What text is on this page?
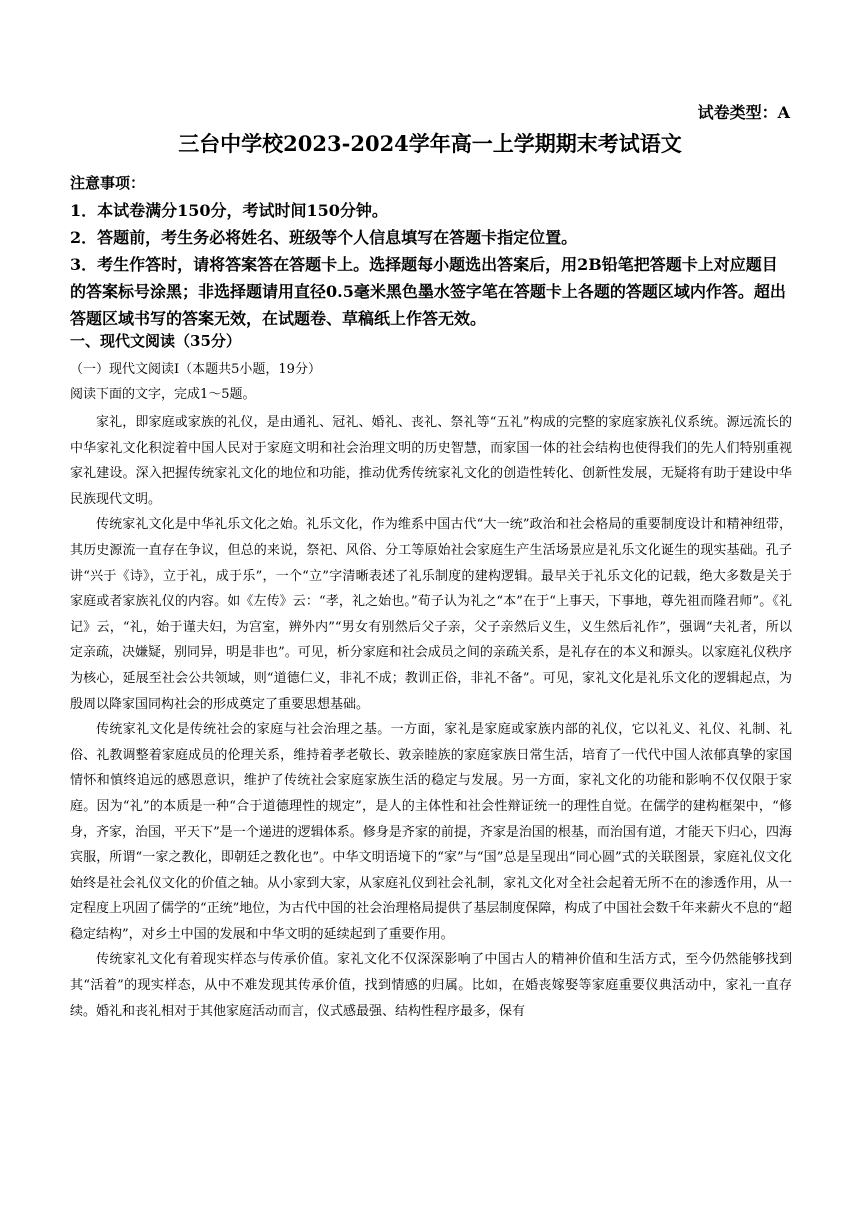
试卷类型：A
三台中学校2023-2024学年高一上学期期末考试语文
注意事项：

1．本试卷满分150分，考试时间150分钟。

2．答题前，考生务必将姓名、班级等个人信息填写在答题卡指定位置。

3．考生作答时，请将答案答在答题卡上。选择题每小题选出答案后，用2B铅笔把答题卡上对应题目的答案标号涂黑；非选择题请用直径0.5毫米黑色墨水签字笔在答题卡上各题的答题区域内作答。超出答题区域书写的答案无效，在试题卷、草稿纸上作答无效。

一、现代文阅读（35分）
（一）现代文阅读Ⅰ（本题共5小题，19分）
阅读下面的文字，完成1～5题。

家礼，即家庭或家族的礼仪，是由通礼、冠礼、婚礼、丧礼、祭礼等“五礼”构成的完整的家庭家族礼仪系统。源远流长的中华家礼文化积淀着中国人民对于家庭文明和社会治理文明的历史智慧，而家国一体的社会结构也使得我们的先人们特别重视家礼建设。深入把握传统家礼文化的地位和功能，推动优秀传统家礼文化的创造性转化、创新性发展，无疑将有助于建设中华民族现代文明。

传统家礼文化是中华礼乐文化之始。礼乐文化，作为维系中国古代“大一统”政治和社会格局的重要制度设计和精神纽带，其历史源流一直存在争议，但总的来说，祭祀、风俗、分工等原始社会家庭生产生活场景应是礼乐文化诞生的现实基础。孔子讲“兴于《诗》，立于礼，成于乐”，一个“立”字清晰表述了礼乐制度的建构逻辑。最早关于礼乐文化的记载，绝大多数是关于家庭或者家族礼仪的内容。如《左传》云：“孝，礼之始也。”荀子认为礼之“本”在于“上事天，下事地，尊先祖而隆君师”。《礼记》云，“礼，始于谨夫妇，为宫室，辨外内”“男女有别然后父子亲，父子亲然后义生，义生然后礼作”，强调“夫礼者，所以定亲疏，决嫌疑，别同异，明是非也”。可见，析分家庭和社会成员之间的亲疏关系，是礼存在的本义和源头。以家庭礼仪秩序为核心，延展至社会公共领域，则“道德仁义，非礼不成；教训正俗，非礼不备”。可见，家礼文化是礼乐文化的逻辑起点，为殷周以降家国同构社会的形成奠定了重要思想基础。

传统家礼文化是传统社会的家庭与社会治理之基。一方面，家礼是家庭或家族内部的礼仪，它以礼义、礼仪、礼制、礼俗、礼教调整着家庭成员的伦理关系，维持着孝老敬长、敦亲睦族的家庭家族日常生活，培育了一代代中国人浓郁真挚的家国情怀和慎终追远的感恩意识，维护了传统社会家庭家族生活的稳定与发展。另一方面，家礼文化的功能和影响不仅仅限于家庭。因为“礼”的本质是一种“合于道德理性的规定”，是人的主体性和社会性辩证统一的理性自觉。在儒学的建构框架中，“修身，齐家，治国，平天下”是一个递进的逻辑体系。修身是齐家的前提，齐家是治国的根基，而治国有道，才能天下归心，四海宾服，所谓“一家之教化，即朝廷之教化也”。中华文明语境下的“家”与“国”总是呈现出“同心圆”式的关联图景，家庭礼仪文化始终是社会礼仪文化的价值之轴。从小家到大家，从家庭礼仪到社会礼制，家礼文化对全社会起着无所不在的渗透作用，从一定程度上巩固了儒学的“正统”地位，为古代中国的社会治理格局提供了基层制度保障，构成了中国社会数千年来薪火不息的“超稳定结构”，对乡土中国的发展和中华文明的延续起到了重要作用。

传统家礼文化有着现实样态与传承价值。家礼文化不仅深深影响了中国古人的精神价值和生活方式，至今仍然能够找到其“活着”的现实样态，从中不难发现其传承价值，找到情感的归属。比如，在婚丧嫁娶等家庭重要仪典活动中，家礼一直存续。婚礼和丧礼相对于其他家庭活动而言，仪式感最强、结构性程序最多，保有
